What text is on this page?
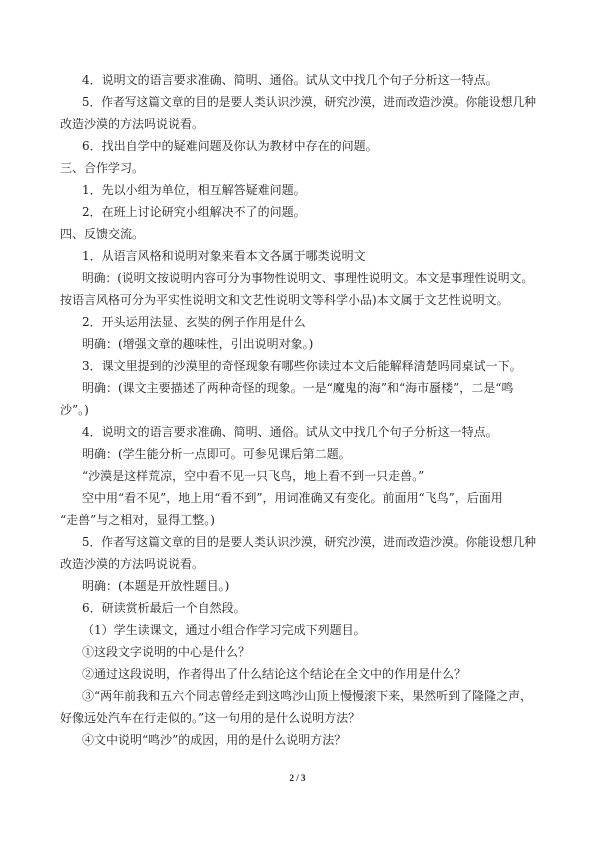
4．说明文的语言要求准确、简明、通俗。试从文中找几个句子分析这一特点。
5．作者写这篇文章的目的是要人类认识沙漠，研究沙漠，进而改造沙漠。你能设想几种
改造沙漠的方法吗说说看。
6．找出自学中的疑难问题及你认为教材中存在的问题。
三、合作学习。
1．先以小组为单位，相互解答疑难问题。
2．在班上讨论研究小组解决不了的问题。
四、反馈交流。
1．从语言风格和说明对象来看本文各属于哪类说明文
明确：(说明文按说明内容可分为事物性说明文、事理性说明文。本文是事理性说明文。
按语言风格可分为平实性说明文和文艺性说明文等科学小品)本文属于文艺性说明文。
2．开头运用法显、玄奘的例子作用是什么
明确：(增强文章的趣味性，引出说明对象。)
3．课文里提到的沙漠里的奇怪现象有哪些你读过本文后能解释清楚吗同桌试一下。
明确：(课文主要描述了两种奇怪的现象。一是“魔鬼的海”和“海市蜃楼”，二是“鸣
沙”。)
4．说明文的语言要求准确、简明、通俗。试从文中找几个句子分析这一特点。
明确：(学生能分析一点即可。可参见课后第二题。
“沙漠是这样荒凉，空中看不见一只飞鸟，地上看不到一只走兽。”
空中用“看不见”，地上用“看不到”，用词准确又有变化。前面用“飞鸟”，后面用
“走兽”与之相对，显得工整。)
5．作者写这篇文章的目的是要人类认识沙漠，研究沙漠，进而改造沙漠。你能设想几种
改造沙漠的方法吗说说看。
明确：(本题是开放性题目。)
6．研读赏析最后一个自然段。
（1）学生读课文，通过小组合作学习完成下列题目。
①这段文字说明的中心是什么？
②通过这段说明，作者得出了什么结论这个结论在全文中的作用是什么？
③“两年前我和五六个同志曾经走到这鸣沙山顶上慢慢滚下来，果然听到了隆隆之声，
好像远处汽车在行走似的。”这一句用的是什么说明方法？
④文中说明“鸣沙”的成因，用的是什么说明方法？
2 / 3
